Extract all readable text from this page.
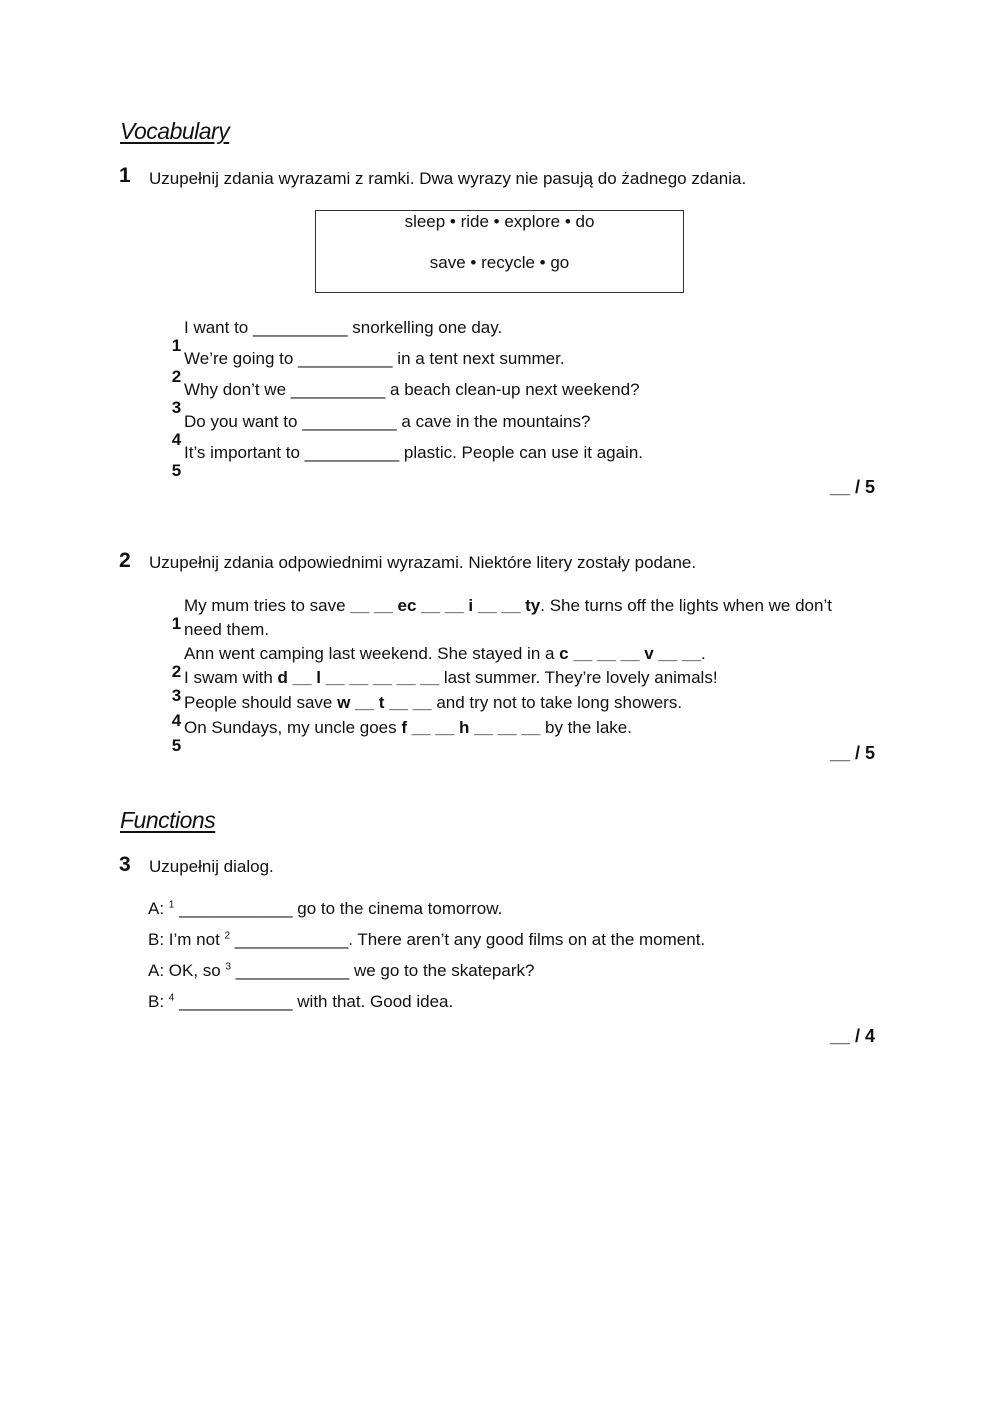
Vocabulary
1 Uzupełnij zdania wyrazami z ramki. Dwa wyrazy nie pasują do żadnego zdania.
sleep • ride • explore • do
save • recycle • go

1
I want to __________ snorkelling one day.

2
We’re going to __________ in a tent next summer.

3
Why don’t we __________ a beach clean-up next weekend?

4
Do you want to __________ a cave in the mountains?

5
It’s important to __________ plastic. People can use it again.

__ / 5
2 Uzupełnij zdania odpowiednimi wyrazami. Niektóre litery zostały podane.

1
My mum tries to save __ __ ec __ __ i __ __ ty. She turns off the lights when we don’t

need them.

2
Ann went camping last weekend. She stayed in a c __ __ __ v __ __.

3
I swam with d __ l __ __ __ __ __ last summer. They’re lovely animals!

4
People should save w __ t __ __ and try not to take long showers.

5
On Sundays, my uncle goes f __ __ h __ __ __ by the lake.

__ / 5
Functions
3 Uzupełnij dialog.
A: $^1$ ____________ go to the cinema tomorrow.
B: I’m not $^2$ ____________. There aren’t any good films on at the moment.
A: OK, so $^3$ ____________ we go to the skatepark?
B: $^4$ ____________ with that. Good idea.
__ / 4
